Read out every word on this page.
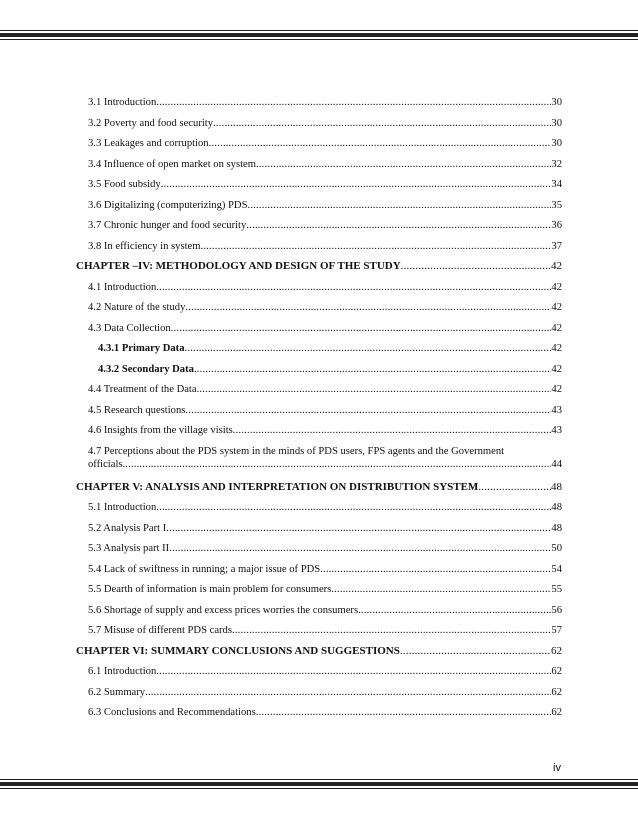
3.1 Introduction .....	30
3.2 Poverty and food security .....	30
3.3 Leakages and corruption .....	30
3.4 Influence of open market on system .....	32
3.5 Food subsidy .....	34
3.6 Digitalizing (computerizing) PDS .....	35
3.7 Chronic hunger and food security .....	36
3.8 In efficiency in system .....	37
CHAPTER –IV: METHODOLOGY AND DESIGN OF THE STUDY .....	42
4.1 Introduction .....	42
4.2 Nature of the study .....	42
4.3 Data Collection .....	42
4.3.1 Primary Data .....	42
4.3.2 Secondary Data .....	42
4.4 Treatment of the Data .....	42
4.5 Research questions .....	43
4.6 Insights from the village visits .....	43
4.7 Perceptions about the PDS system in the minds of PDS users, FPS agents and the Government
officials. .....	44
CHAPTER V: ANALYSIS AND INTERPRETATION ON DISTRIBUTION SYSTEM .....	48
5.1 Introduction .....	48
5.2 Analysis Part I .....	48
5.3 Analysis part II .....	50
5.4 Lack of swiftness in running; a major issue of PDS .....	54
5.5 Dearth of information is main problem for consumers .....	55
5.6 Shortage of supply and excess prices worries the consumers .....	56
5.7 Misuse of different PDS cards .....	57
CHAPTER VI: SUMMARY CONCLUSIONS AND SUGGESTIONS .....	62
6.1 Introduction .....	62
6.2 Summary .....	62
6.3 Conclusions and Recommendations .....	62
iv
